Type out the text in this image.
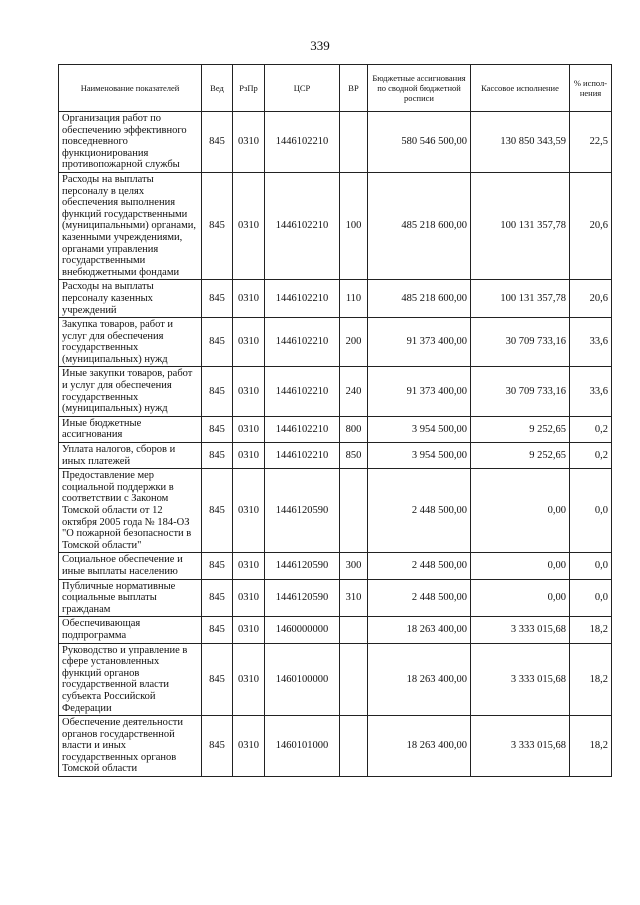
339
Наименование показателей	Вед	РзПр	ЦСР	ВР	Бюджетные ассигнования по сводной бюджетной росписи	Кассовое исполнение	% испол-нения
Организация работ по обеспечению эффективного повседневного функционирования противопожарной службы	845	0310	1446102210		580 546 500,00	130 850 343,59	22,5
Расходы на выплаты персоналу в целях обеспечения выполнения функций государственными (муниципальными) органами, казенными учреждениями, органами управления государственными внебюджетными фондами	845	0310	1446102210	100	485 218 600,00	100 131 357,78	20,6
Расходы на выплаты персоналу казенных учреждений	845	0310	1446102210	110	485 218 600,00	100 131 357,78	20,6
Закупка товаров, работ и услуг для обеспечения государственных (муниципальных) нужд	845	0310	1446102210	200	91 373 400,00	30 709 733,16	33,6
Иные закупки товаров, работ и услуг для обеспечения государственных (муниципальных) нужд	845	0310	1446102210	240	91 373 400,00	30 709 733,16	33,6
Иные бюджетные ассигнования	845	0310	1446102210	800	3 954 500,00	9 252,65	0,2
Уплата налогов, сборов и иных платежей	845	0310	1446102210	850	3 954 500,00	9 252,65	0,2
Предоставление мер социальной поддержки в соответствии с Законом Томской области от 12 октября 2005 года № 184-ОЗ "О пожарной безопасности в Томской области"	845	0310	1446120590		2 448 500,00	0,00	0,0
Социальное обеспечение и иные выплаты населению	845	0310	1446120590	300	2 448 500,00	0,00	0,0
Публичные нормативные социальные выплаты гражданам	845	0310	1446120590	310	2 448 500,00	0,00	0,0
Обеспечивающая подпрограмма	845	0310	1460000000		18 263 400,00	3 333 015,68	18,2
Руководство и управление в сфере установленных функций органов государственной власти субъекта Российской Федерации	845	0310	1460100000		18 263 400,00	3 333 015,68	18,2
Обеспечение деятельности органов государственной власти и иных государственных органов Томской области	845	0310	1460101000		18 263 400,00	3 333 015,68	18,2
